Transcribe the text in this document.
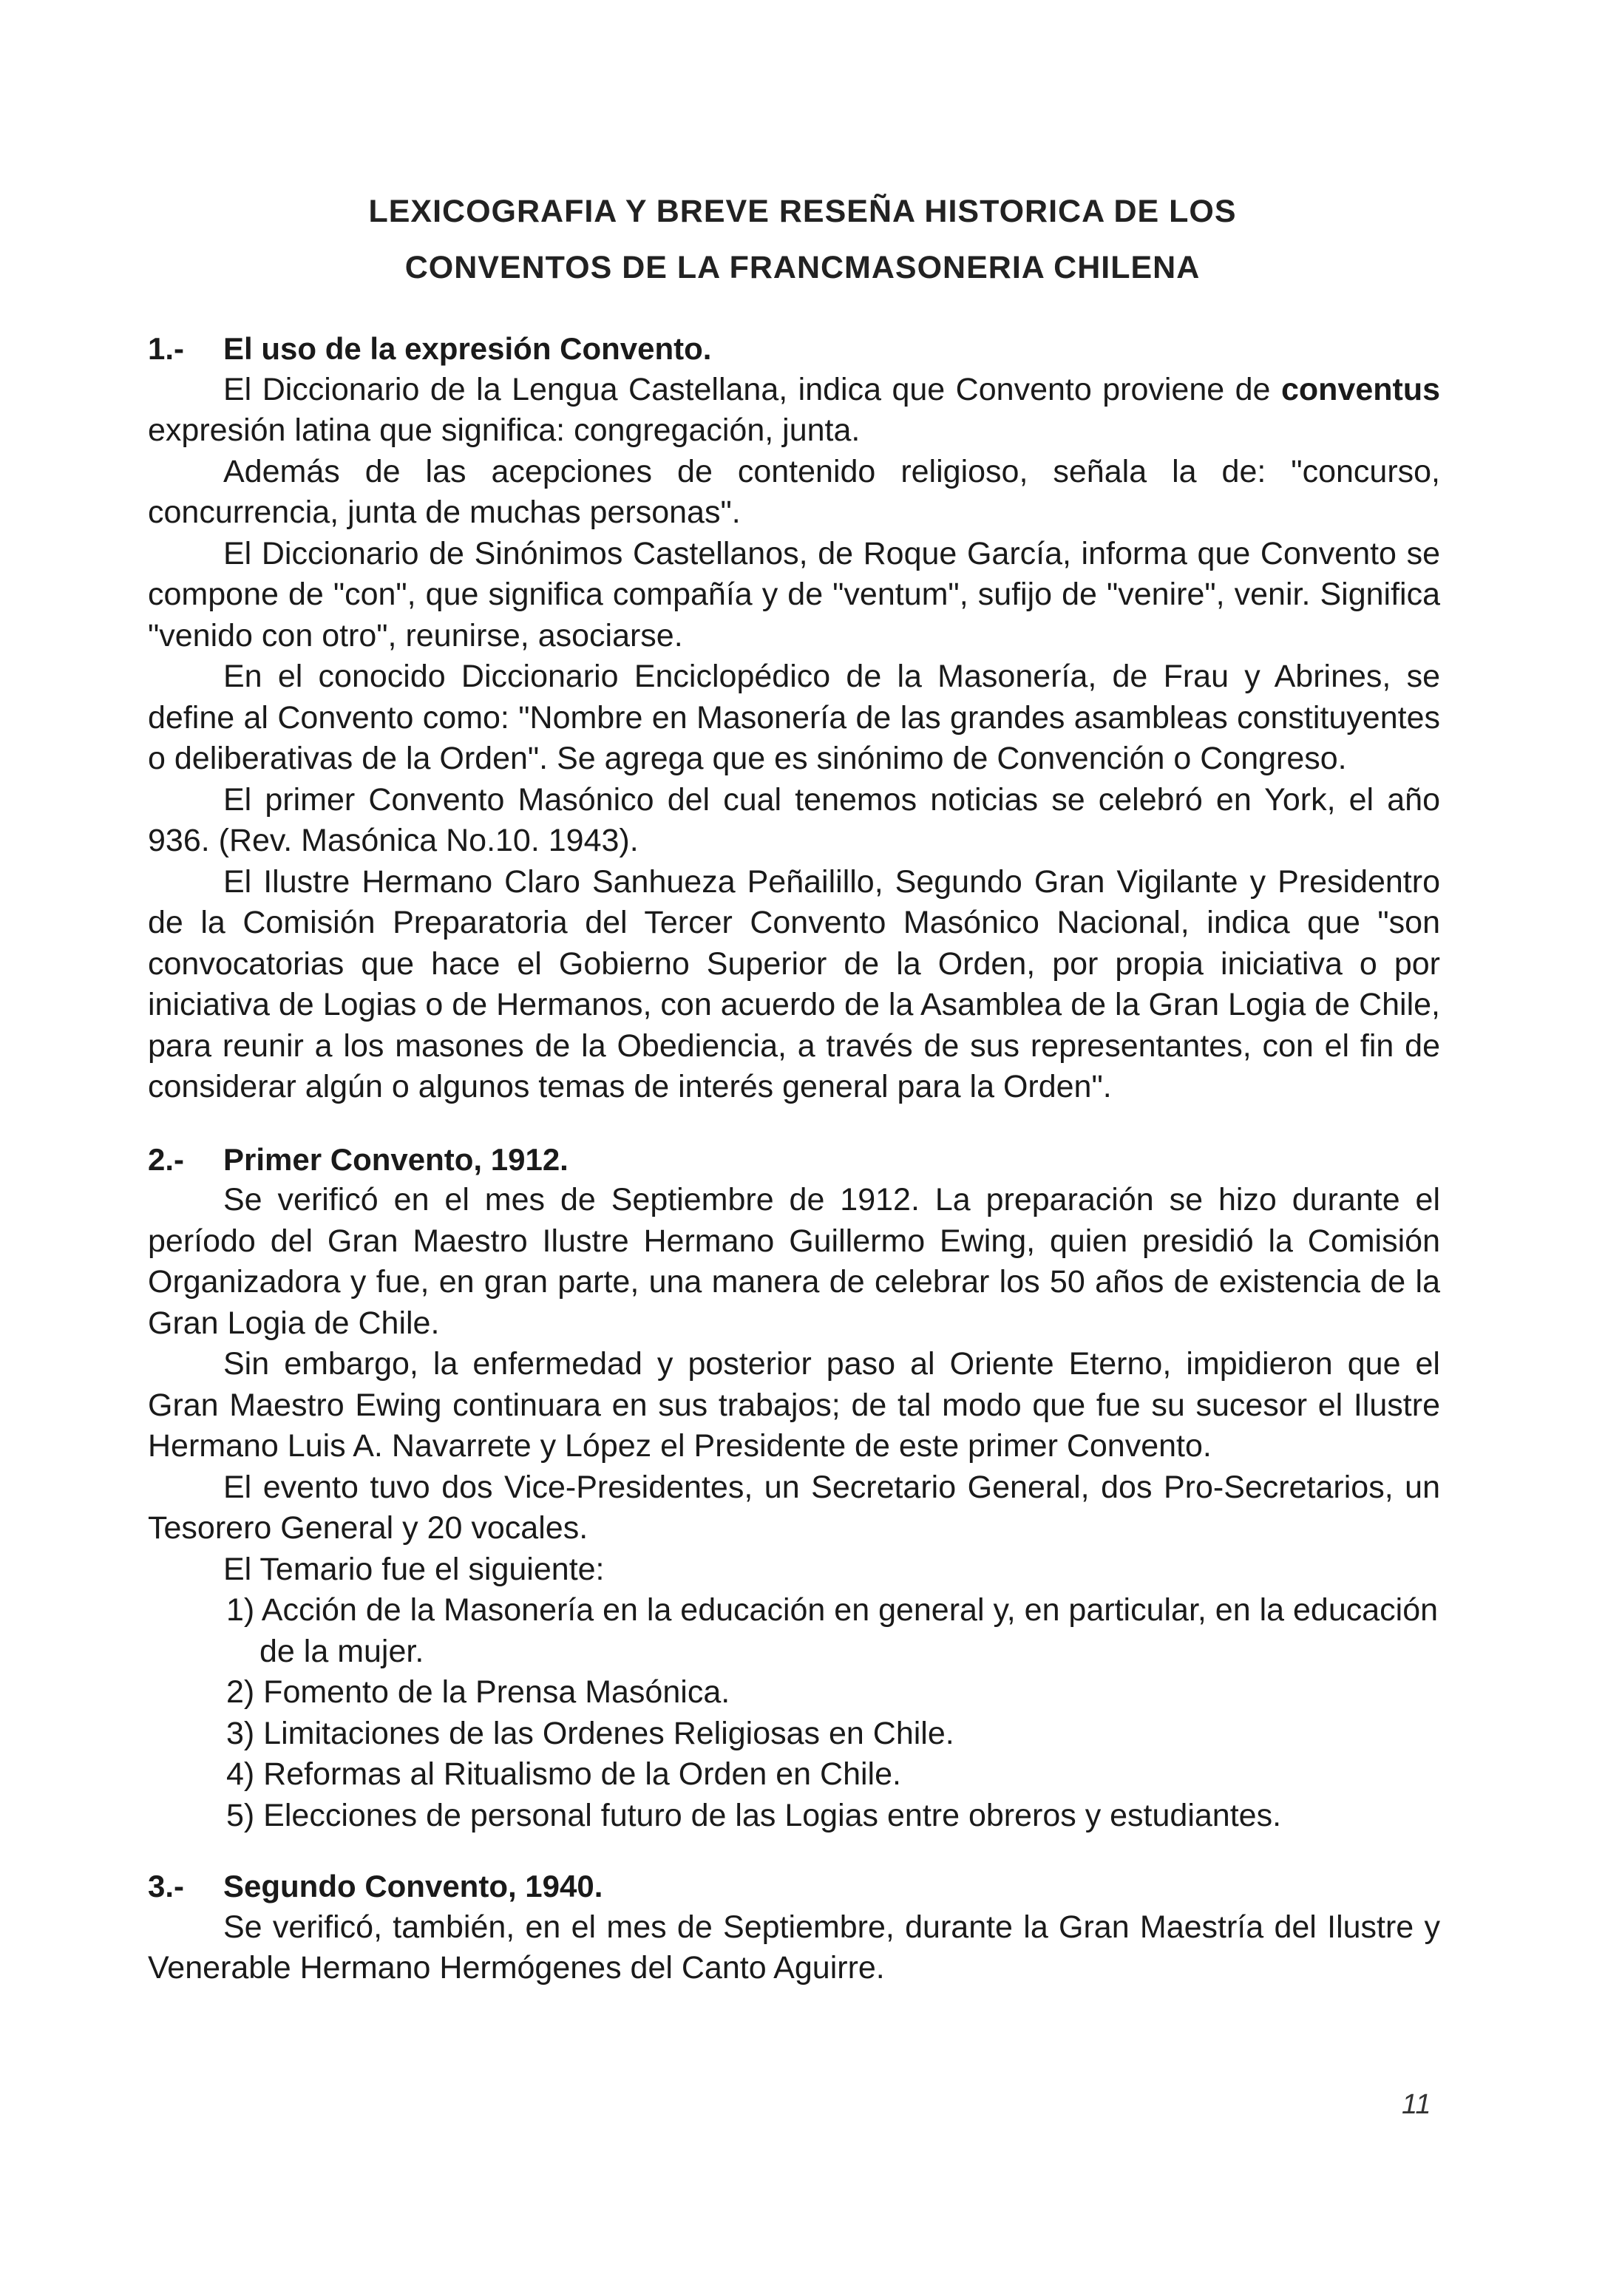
LEXICOGRAFIA Y BREVE RESEÑA HISTORICA DE LOS
CONVENTOS DE LA FRANCMASONERIA CHILENA
1.-	El uso de la expresión Convento.

El Diccionario de la Lengua Castellana, indica que Convento proviene de conventus expresión latina que significa: congregación, junta.

Además de las acepciones de contenido religioso, señala la de: "concurso, concurrencia, junta de muchas personas".

El Diccionario de Sinónimos Castellanos, de Roque García, informa que Convento se compone de "con", que significa compañía y de "ventum", sufijo de "venire", venir. Significa "venido con otro", reunirse, asociarse.

En el conocido Diccionario Enciclopédico de la Masonería, de Frau y Abrines, se define al Convento como: "Nombre en Masonería de las grandes asambleas constituyentes o deliberativas de la Orden". Se agrega que es sinónimo de Convención o Congreso.

El primer Convento Masónico del cual tenemos noticias se celebró en York, el año 936. (Rev. Masónica No.10. 1943).

El Ilustre Hermano Claro Sanhueza Peñailillo, Segundo Gran Vigilante y Presidentro de la Comisión Preparatoria del Tercer Convento Masónico Nacional, indica que "son convocatorias que hace el Gobierno Superior de la Orden, por propia iniciativa o por iniciativa de Logias o de Hermanos, con acuerdo de la Asamblea de la Gran Logia de Chile, para reunir a los masones de la Obediencia, a través de sus representantes, con el fin de considerar algún o algunos temas de interés general para la Orden".

2.-	Primer Convento, 1912.

Se verificó en el mes de Septiembre de 1912. La preparación se hizo durante el período del Gran Maestro Ilustre Hermano Guillermo Ewing, quien presidió la Comisión Organizadora y fue, en gran parte, una manera de celebrar los 50 años de existencia de la Gran Logia de Chile.

Sin embargo, la enfermedad y posterior paso al Oriente Eterno, impidieron que el Gran Maestro Ewing continuara en sus trabajos; de tal modo que fue su sucesor el Ilustre Hermano Luis A. Navarrete y López el Presidente de este primer Convento.

El evento tuvo dos Vice-Presidentes, un Secretario General, dos Pro-Secretarios, un Tesorero General y 20 vocales.

El Temario fue el siguiente:

1) Acción de la Masonería en la educación en general y, en particular, en la educación de la mujer.
2) Fomento de la Prensa Masónica.
3) Limitaciones de las Ordenes Religiosas en Chile.
4) Reformas al Ritualismo de la Orden en Chile.
5) Elecciones de personal futuro de las Logias entre obreros y estudiantes.
3.-	Segundo Convento, 1940.

Se verificó, también, en el mes de Septiembre, durante la Gran Maestría del Ilustre y Venerable Hermano Hermógenes del Canto Aguirre.

11
